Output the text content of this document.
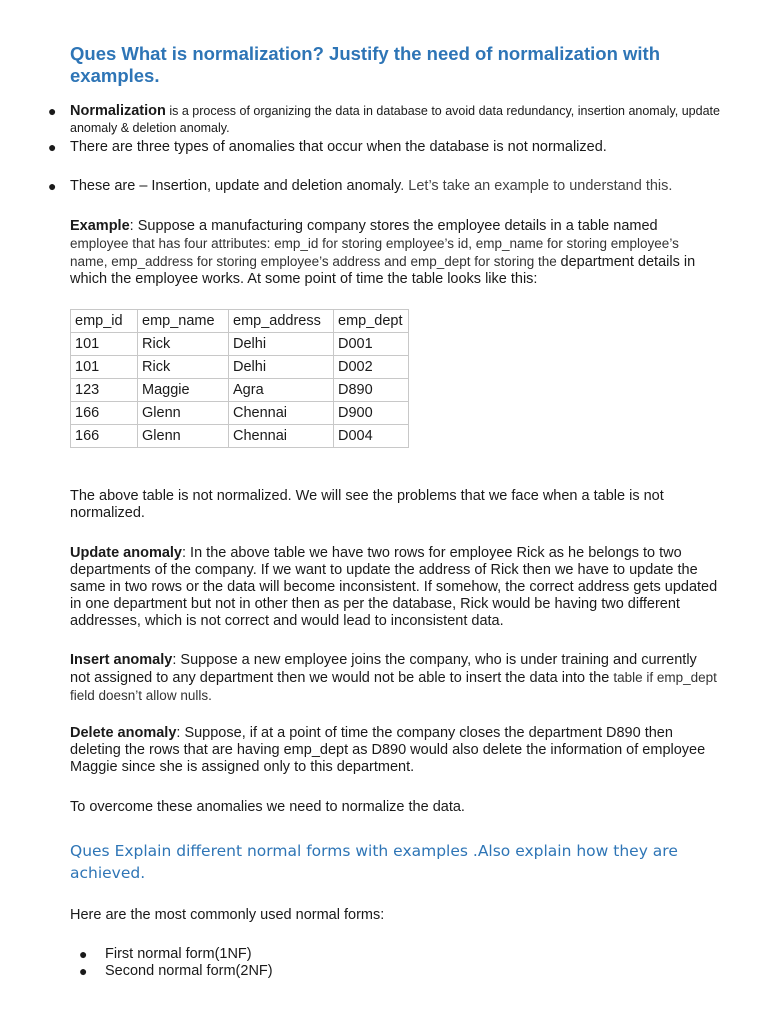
Ques What is normalization? Justify the need of normalization with examples.
● Normalization is a process of organizing the data in database to avoid data redundancy, insertion anomaly, update anomaly & deletion anomaly.
● There are three types of anomalies that occur when the database is not normalized.
● These are – Insertion, update and deletion anomaly. Let’s take an example to understand this.

Example: Suppose a manufacturing company stores the employee details in a table named employee that has four attributes: emp_id for storing employee’s id, emp_name for storing employee’s name, emp_address for storing employee’s address and emp_dept for storing the department details in which the employee works. At some point of time the table looks like this:

emp_id	emp_name	emp_address	emp_dept
101	Rick	Delhi	D001
101	Rick	Delhi	D002
123	Maggie	Agra	D890
166	Glenn	Chennai	D900
166	Glenn	Chennai	D004

The above table is not normalized. We will see the problems that we face when a table is not normalized.

Update anomaly: In the above table we have two rows for employee Rick as he belongs to two departments of the company. If we want to update the address of Rick then we have to update the same in two rows or the data will become inconsistent. If somehow, the correct address gets updated in one department but not in other then as per the database, Rick would be having two different addresses, which is not correct and would lead to inconsistent data.

Insert anomaly: Suppose a new employee joins the company, who is under training and currently not assigned to any department then we would not be able to insert the data into the table if emp_dept field doesn’t allow nulls.

Delete anomaly: Suppose, if at a point of time the company closes the department D890 then deleting the rows that are having emp_dept as D890 would also delete the information of employee Maggie since she is assigned only to this department.

To overcome these anomalies we need to normalize the data.

Ques Explain different normal forms with examples .Also explain how they are achieved.

Here are the most commonly used normal forms:

● First normal form(1NF)
● Second normal form(2NF)
